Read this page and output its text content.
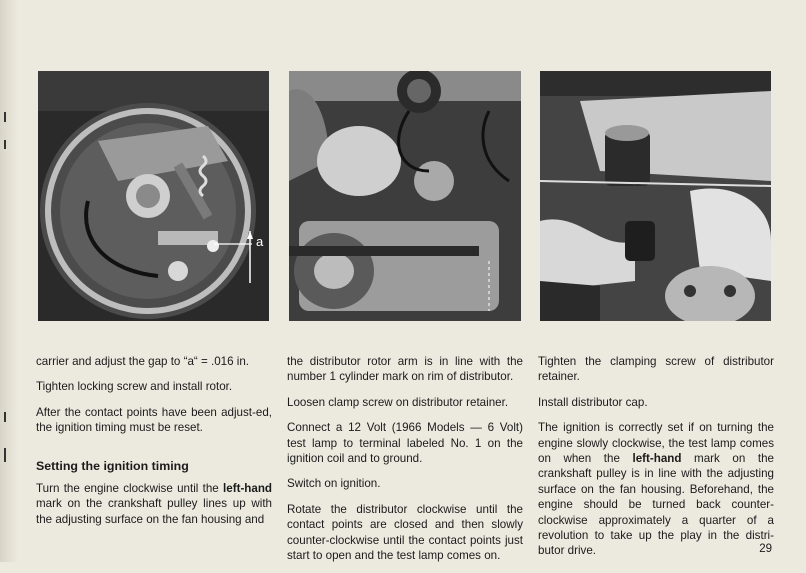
a

carrier and adjust the gap to “a“ = .016 in.

Tighten locking screw and install rotor.

After the contact points have been adjust-ed, the ignition timing must be reset.

Setting the ignition timing

Turn the engine clockwise until the left-hand mark on the crankshaft pulley lines up with the adjusting surface on the fan housing and

the distributor rotor arm is in line with the number 1 cylinder mark on rim of distributor.

Loosen clamp screw on distributor retainer.

Connect a 12 Volt (1966 Models — 6 Volt) test lamp to terminal labeled No. 1 on the ignition coil and to ground.

Switch on ignition.

Rotate the distributor clockwise until the contact points are closed and then slowly counter-clockwise until the contact points just start to open and the test lamp comes on.

Tighten the clamping screw of distributor retainer.

Install distributor cap.

The ignition is correctly set if on turning the engine slowly clockwise, the test lamp comes on when the left-hand mark on the crankshaft pulley is in line with the adjusting surface on the fan housing. Beforehand, the engine should be turned back counter-clockwise approximately a quarter of a revolution to take up the play in the distri-butor drive.	29
